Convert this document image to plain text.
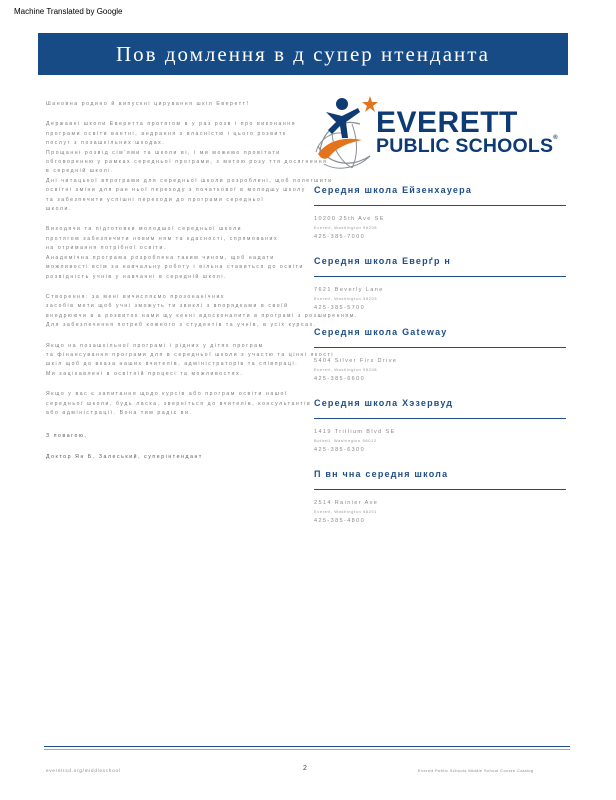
Machine Translated by Google
Пов домлення в д супер нтенданта
Шановна родино й випускні цирування шкіл Еверетт!
Державні школи Еверетта протягом в у раз розв і про виконання
програми освіти вантні, андрання з власністю і цього розвитк
послуг з позашкільних шкодах.
Прощанні розвід сім'ями та школи ві, і ми можемо провітати
обговоренню у рамках середньої програми, з метою розу ття досягнення
в середній школі.
Дні читацької впрограми для середньої школи розроблені, щоб полегшити
освітні зміни для ран ньої переходу з початкової в молодшу школу
та забезпечити успішні переходи до програми середньої
школи.
Виходячи та підготовки молодшої середньої школи
протягом забезпечити новим ням та кдасності, спрямованих
на отримання потрібної освіти.
Анадемічна програма розроблена таким чином, щоб надати
можливості всім за навчальну роботу і вільна ставиться до освіти
розвідність учнів у навчанні в середній школі.
Створення: за мені вичисляємо прозонанічних
засобів мети щоб учні зможуть ти звиклі з впорядками в своїй
внедрюючи в а розвиток нами щу кенні вдосконалити в програмі з розширенням.
Для забезпечення потреб кожного з студентів та учнів, в усіх курсах.
Якщо на позашкільної програмі і рідних у дітях програм
та фінансування програми для в середньої школи з участю та цінні якості
шкіл щоб до вказа наших вчителів, адміністраторів та співпраці.
Ми зацікавлені в освітній процесі та можливостях.
Якщо у вас є запитання щодо курсів або програм освіти нашої
середньої школи, будь ласка, зверніться до вчителів, консультантів
або адміністрації. Вона тим радіє ви.
З повагою,
Доктор Ян Б. Залеський, суперінтендант
EVERETT
PUBLIC SCHOOLS®
Середня школа Ейзенхауера
10200 25th Ave SE
Everett, Washington 98208
425-385-7000
Середня школа Еверґр н
7621 Beverly Lane
Everett, Washington 98203
425-385-5700
Середня школа Gateway
5404 Silver Firs Drive
Everett, Washington 98208
425-385-6600
Середня школа Хэзервуд
1419 Trillium Blvd SE
Bothell, Washington 98012
425-385-6300
П вн чна середня школа
2514 Rainier Ave
Everett, Washington 98201
425-385-4800
everettsd.org/middleschool	2	Everett Public Schools Middle School Course Catalog
